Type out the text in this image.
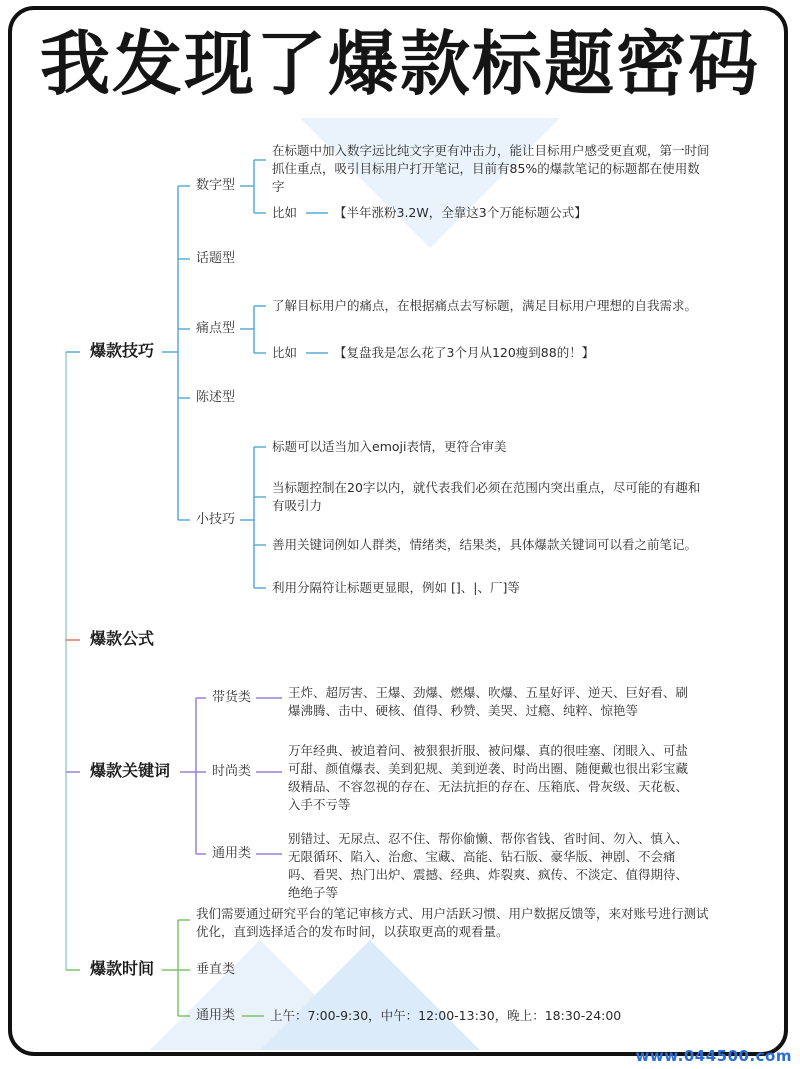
我发现了爆款标题密码
爆款技巧
爆款公式
爆款关键词
爆款时间
数字型
话题型
痛点型
陈述型
小技巧
在标题中加入数字远比纯文字更有冲击力，能让目标用户感受更直观，第一时间抓住重点，吸引目标用户打开笔记，目前有85%的爆款笔记的标题都在使用数字
比如	【半年涨粉3.2W，全靠这3个万能标题公式】
了解目标用户的痛点，在根据痛点去写标题，满足目标用户理想的自我需求。
比如	【复盘我是怎么花了3个月从120瘦到88的！】
标题可以适当加入emoji表情，更符合审美
当标题控制在20字以内，就代表我们必须在范围内突出重点，尽可能的有趣和有吸引力
善用关键词例如人群类，情绪类，结果类，具体爆款关键词可以看之前笔记。
利用分隔符让标题更显眼，例如 []、|、厂]等
带货类
时尚类
通用类
王炸、超厉害、王爆、劲爆、燃爆、吹爆、五星好评、逆天、巨好看、刷爆沸腾、击中、硬核、值得、秒赞、美哭、过瘾、纯粹、惊艳等
万年经典、被追着问、被狠狠折服、被问爆、真的很哇塞、闭眼入、可盐可甜、颜值爆表、美到犯规、美到逆袭、时尚出圈、随便戴也很出彩宝藏级精品、不容忽视的存在、无法抗拒的存在、压箱底、骨灰级、天花板、入手不亏等
别错过、无尿点、忍不住、帮你偷懒、帮你省钱、省时间、勿入、慎入、无限循环、陷入、治愈、宝藏、高能、钻石版、豪华版、神剧、不会痛吗、看哭、热门出炉、震撼、经典、炸裂爽、疯传、不淡定、值得期待、绝绝子等
我们需要通过研究平台的笔记审核方式、用户活跃习惯、用户数据反馈等，来对账号进行测试优化，直到选择适合的发布时间，以获取更高的观看量。
垂直类
通用类	上午：7:00-9:30，中午：12:00-13:30，晚上：18:30-24:00
www.044500.com
